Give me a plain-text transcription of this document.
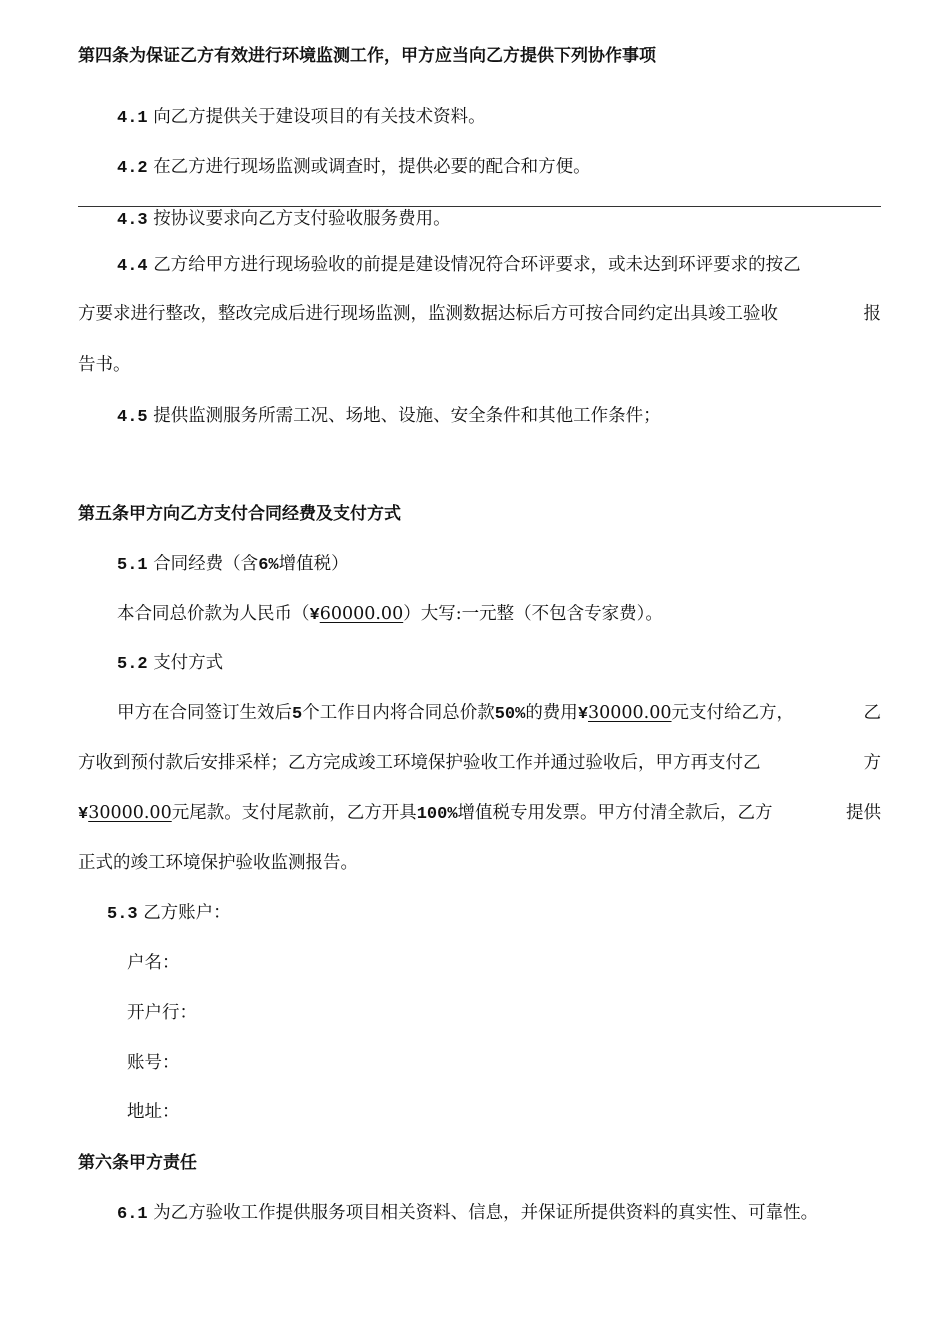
第四条为保证乙方有效进行环境监测工作，甲方应当向乙方提供下列协作事项
4.1 向乙方提供关于建设项目的有关技术资料。
4.2 在乙方进行现场监测或调查时，提供必要的配合和方便。
4.3 按协议要求向乙方支付验收服务费用。
4.4 乙方给甲方进行现场验收的前提是建设情况符合环评要求，或未达到环评要求的按乙
方要求进行整改，整改完成后进行现场监测，监测数据达标后方可按合同约定出具竣工验收	报
告书。
4.5 提供监测服务所需工况、场地、设施、安全条件和其他工作条件；
第五条甲方向乙方支付合同经费及支付方式
5.1 合同经费（含6%增值税）
本合同总价款为人民币（¥60000.00）大写:一元整（不包含专家费）。
5.2 支付方式
甲方在合同签订生效后5个工作日内将合同总价款50%的费用¥30000.00元支付给乙方，	乙
方收到预付款后安排采样；乙方完成竣工环境保护验收工作并通过验收后，甲方再支付乙	方
¥30000.00元尾款。支付尾款前，乙方开具100%增值税专用发票。甲方付清全款后，乙方	提供
正式的竣工环境保护验收监测报告。
5.3 乙方账户：
户名：
开户行：
账号：
地址：
第六条甲方责任
6.1 为乙方验收工作提供服务项目相关资料、信息，并保证所提供资料的真实性、可靠性。
